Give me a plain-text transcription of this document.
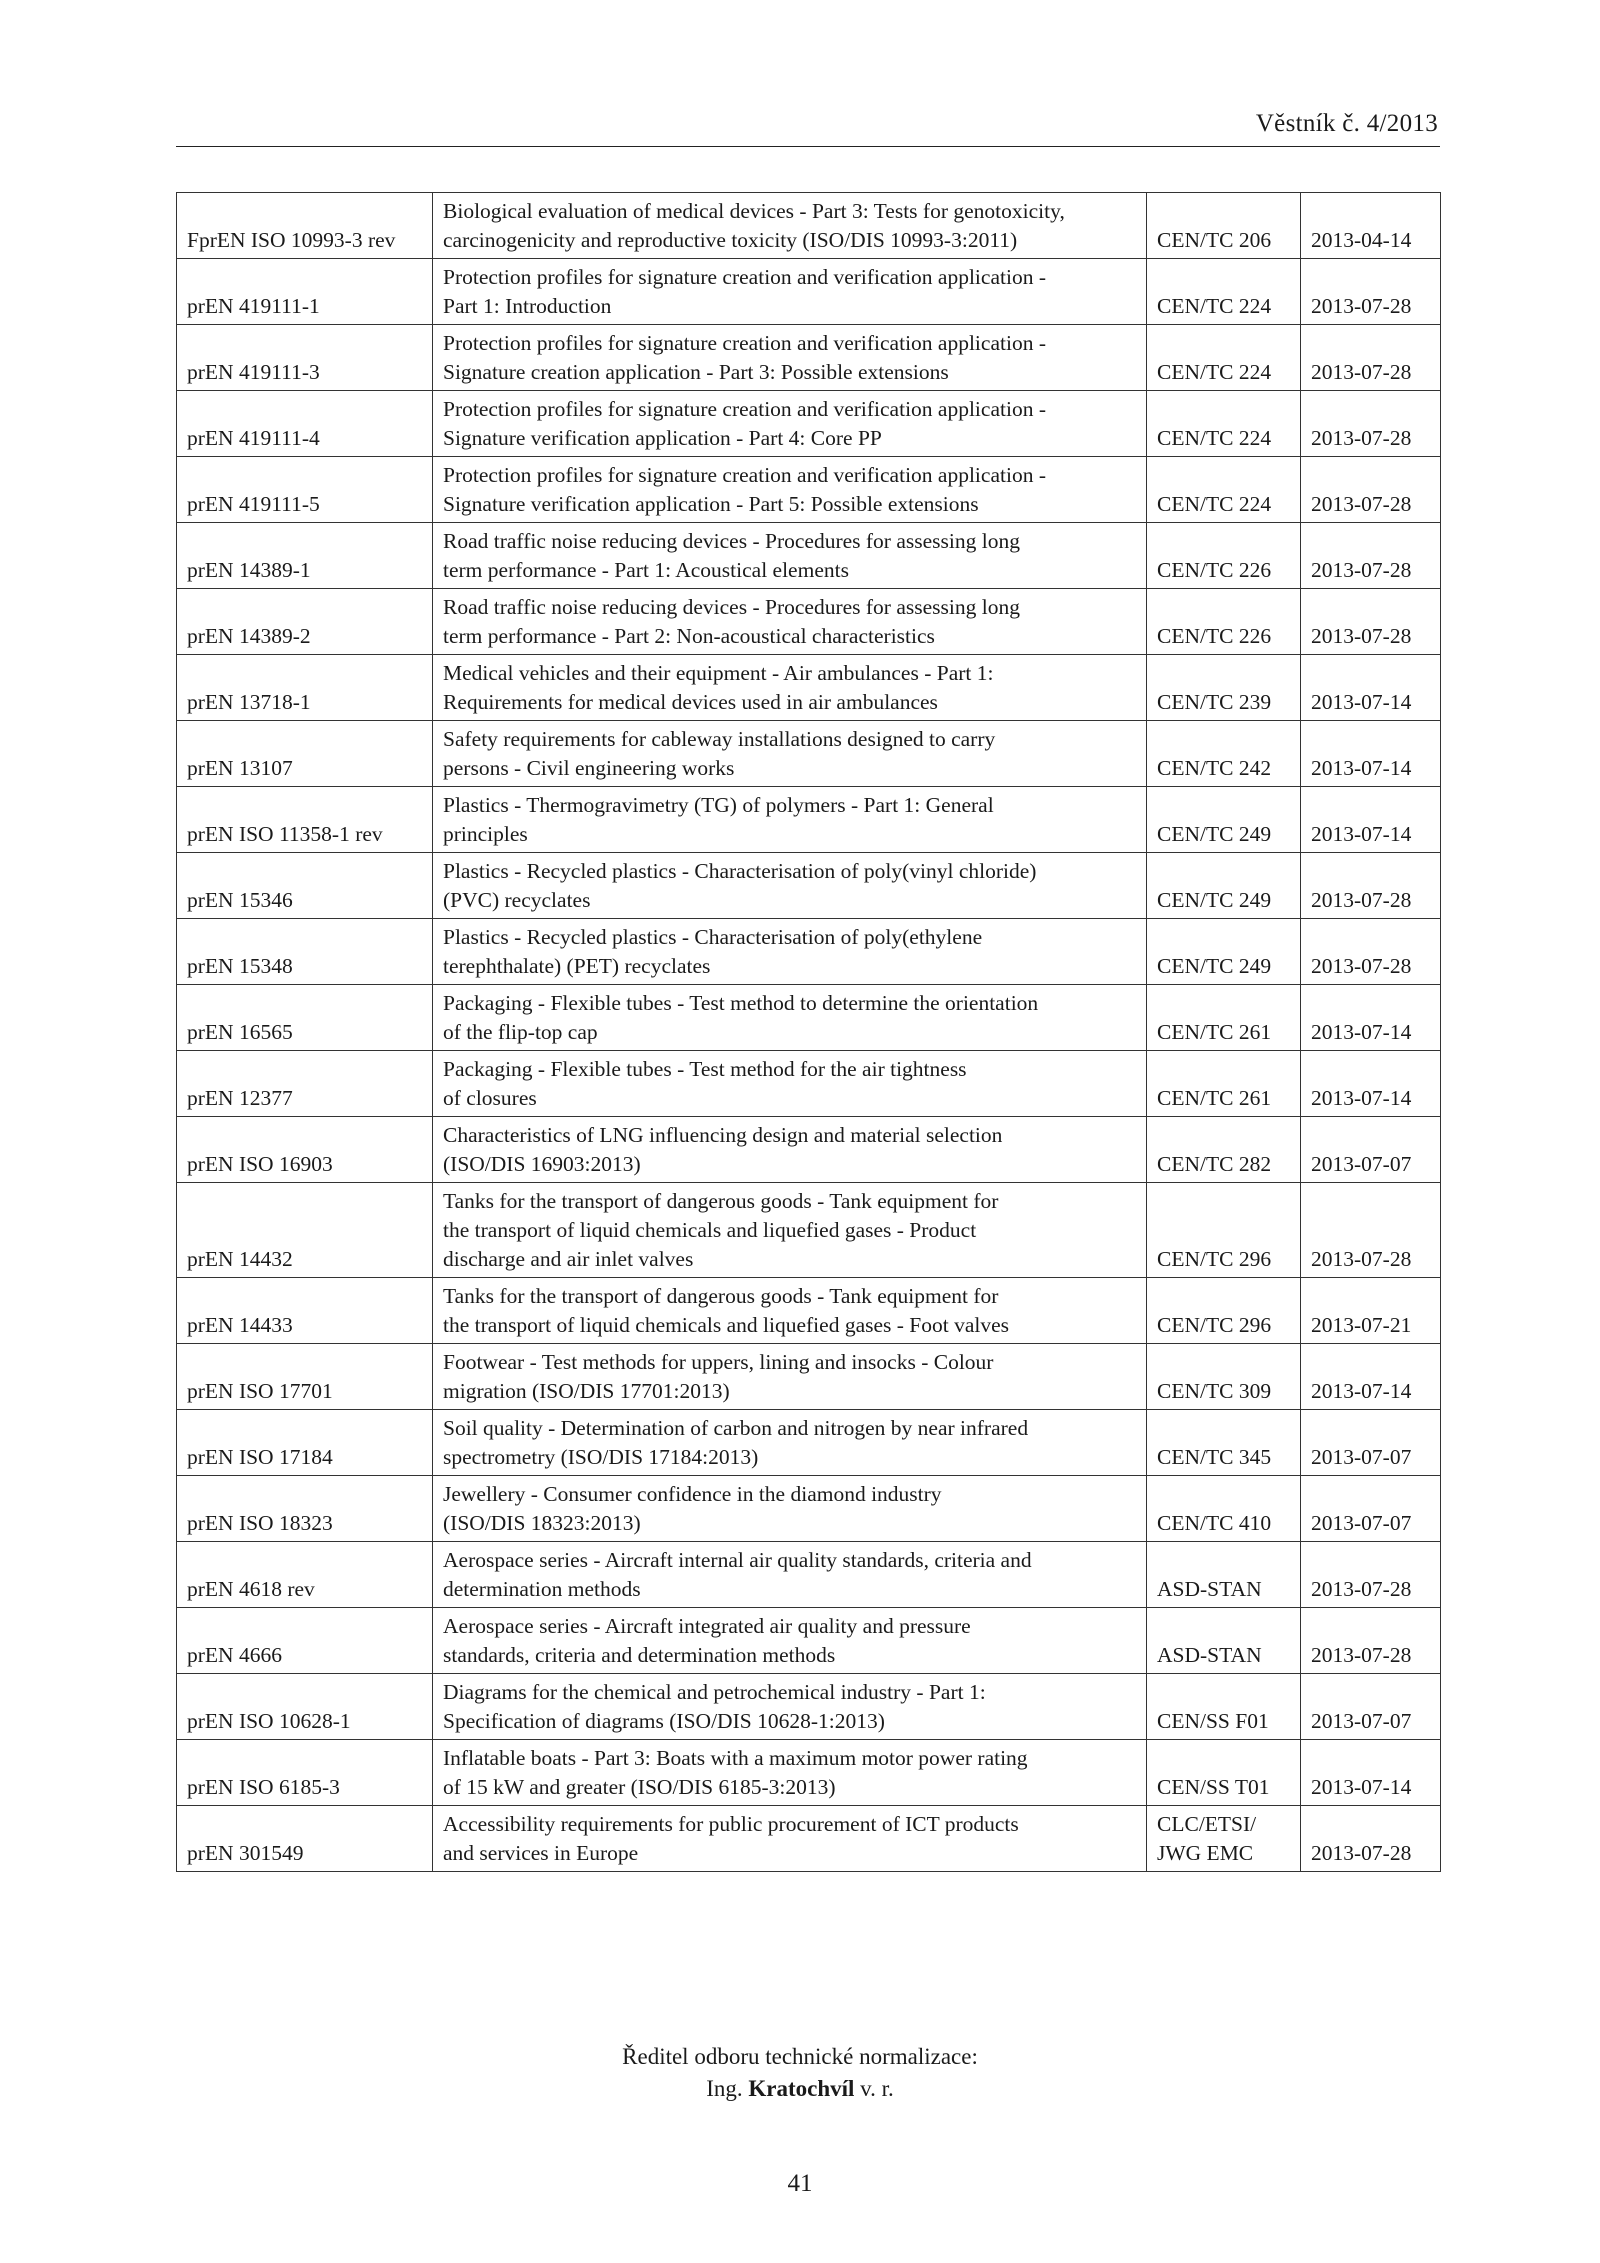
Věstník č. 4/2013
FprEN ISO 10993-3 rev	Biological evaluation of medical devices - Part 3: Tests for genotoxicity,
carcinogenicity and reproductive toxicity (ISO/DIS 10993-3:2011)	CEN/TC 206	2013-04-14
prEN 419111-1	Protection profiles for signature creation and verification application -
Part 1: Introduction	CEN/TC 224	2013-07-28
prEN 419111-3	Protection profiles for signature creation and verification application -
Signature creation application - Part 3: Possible extensions	CEN/TC 224	2013-07-28
prEN 419111-4	Protection profiles for signature creation and verification application -
Signature verification application - Part 4: Core PP	CEN/TC 224	2013-07-28
prEN 419111-5	Protection profiles for signature creation and verification application -
Signature verification application - Part 5: Possible extensions	CEN/TC 224	2013-07-28
prEN 14389-1	Road traffic noise reducing devices - Procedures for assessing long
term performance - Part 1: Acoustical elements	CEN/TC 226	2013-07-28
prEN 14389-2	Road traffic noise reducing devices - Procedures for assessing long
term performance - Part 2: Non-acoustical characteristics	CEN/TC 226	2013-07-28
prEN 13718-1	Medical vehicles and their equipment - Air ambulances - Part 1:
Requirements for medical devices used in air ambulances	CEN/TC 239	2013-07-14
prEN 13107	Safety requirements for cableway installations designed to carry
persons - Civil engineering works	CEN/TC 242	2013-07-14
prEN ISO 11358-1 rev	Plastics - Thermogravimetry (TG) of polymers - Part 1: General
principles	CEN/TC 249	2013-07-14
prEN 15346	Plastics - Recycled plastics - Characterisation of poly(vinyl chloride)
(PVC) recyclates	CEN/TC 249	2013-07-28
prEN 15348	Plastics - Recycled plastics - Characterisation of poly(ethylene
terephthalate) (PET) recyclates	CEN/TC 249	2013-07-28
prEN 16565	Packaging - Flexible tubes - Test method to determine the orientation
of the flip-top cap	CEN/TC 261	2013-07-14
prEN 12377	Packaging - Flexible tubes - Test method for the air tightness
of closures	CEN/TC 261	2013-07-14
prEN ISO 16903	Characteristics of LNG influencing design and material selection
(ISO/DIS 16903:2013)	CEN/TC 282	2013-07-07
prEN 14432	Tanks for the transport of dangerous goods - Tank equipment for
the transport of liquid chemicals and liquefied gases - Product
discharge and air inlet valves	CEN/TC 296	2013-07-28
prEN 14433	Tanks for the transport of dangerous goods - Tank equipment for
the transport of liquid chemicals and liquefied gases - Foot valves	CEN/TC 296	2013-07-21
prEN ISO 17701	Footwear - Test methods for uppers, lining and insocks - Colour
migration (ISO/DIS 17701:2013)	CEN/TC 309	2013-07-14
prEN ISO 17184	Soil quality - Determination of carbon and nitrogen by near infrared
spectrometry (ISO/DIS 17184:2013)	CEN/TC 345	2013-07-07
prEN ISO 18323	Jewellery - Consumer confidence in the diamond industry
(ISO/DIS 18323:2013)	CEN/TC 410	2013-07-07
prEN 4618 rev	Aerospace series - Aircraft internal air quality standards, criteria and
determination methods	ASD-STAN	2013-07-28
prEN 4666	Aerospace series - Aircraft integrated air quality and pressure
standards, criteria and determination methods	ASD-STAN	2013-07-28
prEN ISO 10628-1	Diagrams for the chemical and petrochemical industry - Part 1:
Specification of diagrams (ISO/DIS 10628-1:2013)	CEN/SS F01	2013-07-07
prEN ISO 6185-3	Inflatable boats - Part 3: Boats with a maximum motor power rating
of 15 kW and greater (ISO/DIS 6185-3:2013)	CEN/SS T01	2013-07-14
prEN 301549	Accessibility requirements for public procurement of ICT products
and services in Europe	CLC/ETSI/
JWG EMC	2013-07-28
Ředitel odboru technické normalizace:
Ing. Kratochvíl v. r.
41
